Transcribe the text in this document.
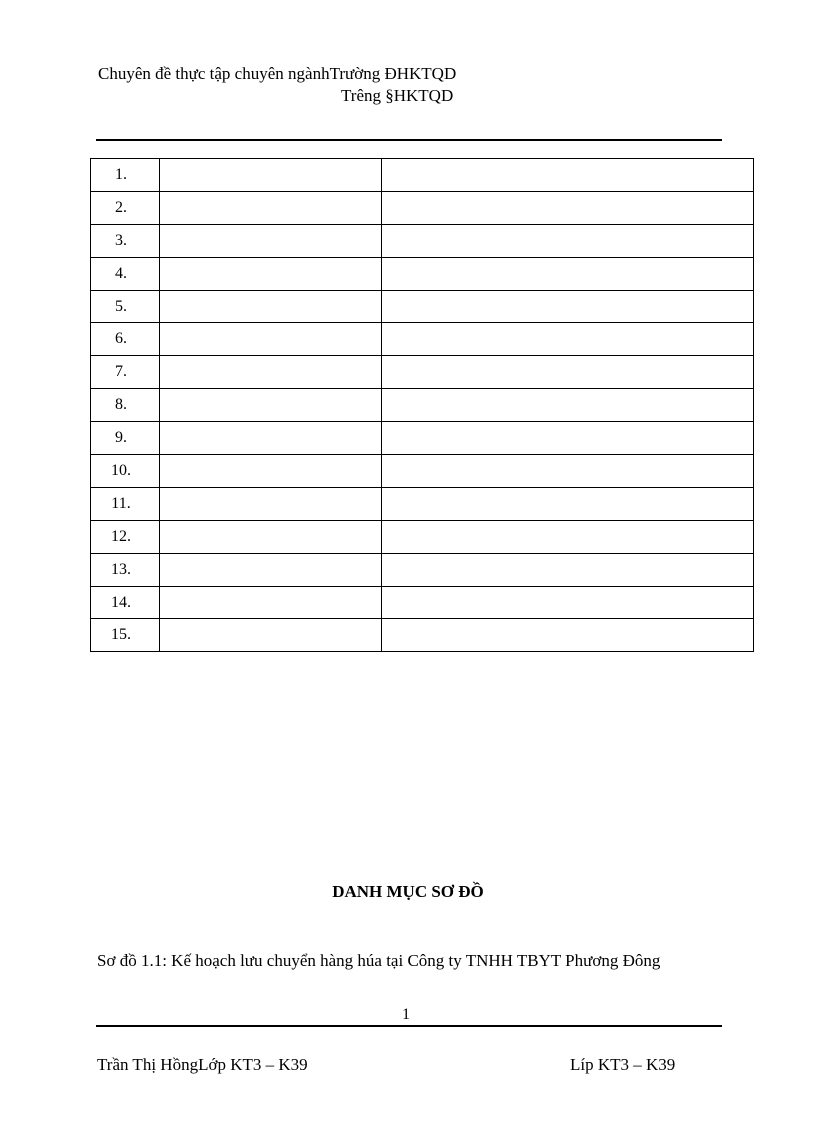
Chuyên đề thực tập chuyên ngànhTrường ĐHKTQD
Trêng §HKTQD
1.		
2.		
3.		
4.		
5.		
6.		
7.		
8.		
9.		
10.		
11.		
12.		
13.		
14.		
15.		
DANH MỤC SƠ ĐỒ
Sơ đồ 1.1: Kế hoạch lưu chuyển hàng húa tại Công ty TNHH TBYT Phương Đông
1
Trần Thị HồngLớp KT3 – K39	Líp KT3 – K39
